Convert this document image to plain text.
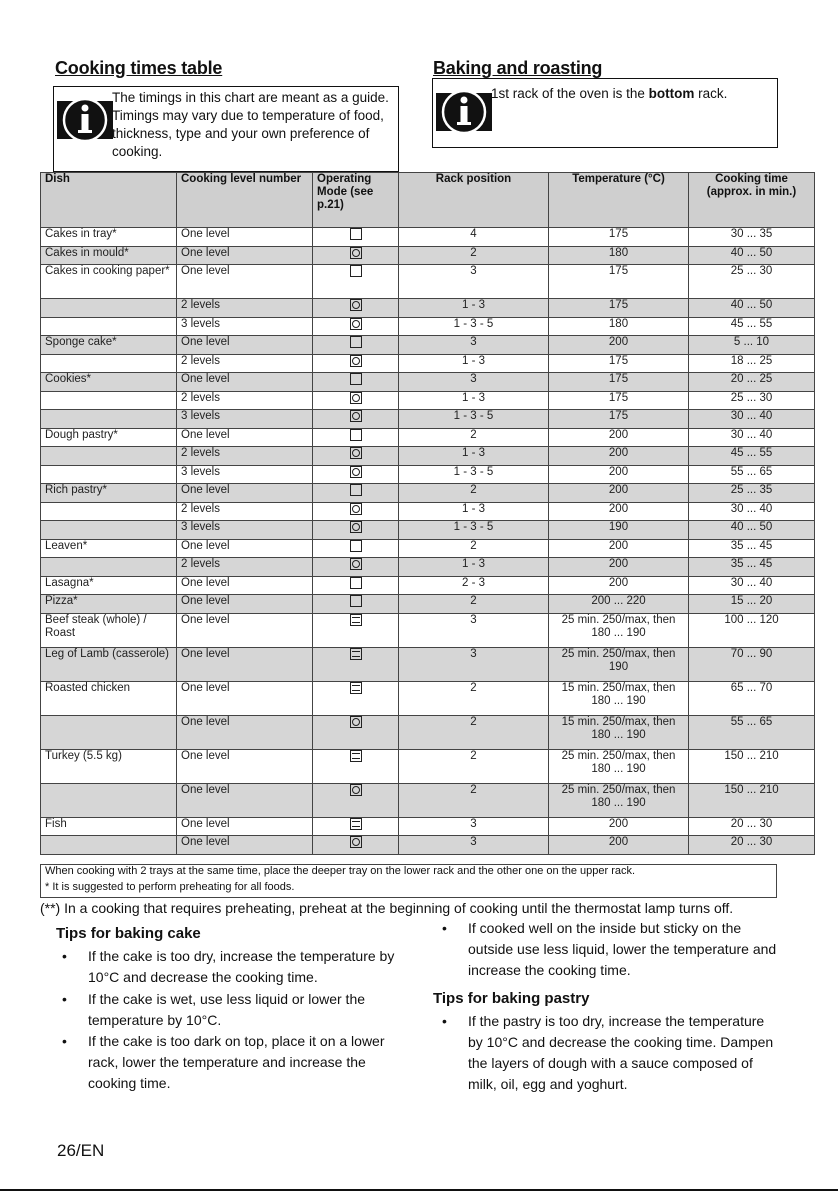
Cooking times table	Baking and roasting
The timings in this chart are meant as a guide. Timings may vary due to temperature of food, thickness, type and your own preference of cooking.
1st rack of the oven is the bottom rack.
Dish	Cooking level number	Operating Mode (see p.21)	Rack position	Temperature (°C)	Cooking time (approx. in min.)
Cakes in tray*	One level		4	175	30 ... 35
Cakes in mould*	One level		2	180	40 ... 50
Cakes in cooking paper*	One level		3	175	25 ... 30
	2 levels		1 - 3	175	40 ... 50
	3 levels		1 - 3 - 5	180	45 ... 55
Sponge cake*	One level		3	200	5 ... 10
	2 levels		1 - 3	175	18 ... 25
Cookies*	One level		3	175	20 ... 25
	2 levels		1 - 3	175	25 ... 30
	3 levels		1 - 3 - 5	175	30 ... 40
Dough pastry*	One level		2	200	30 ... 40
	2 levels		1 - 3	200	45 ... 55
	3 levels		1 - 3 - 5	200	55 ... 65
Rich pastry*	One level		2	200	25 ... 35
	2 levels		1 - 3	200	30 ... 40
	3 levels		1 - 3 - 5	190	40 ... 50
Leaven*	One level		2	200	35 ... 45
	2 levels		1 - 3	200	35 ... 45
Lasagna*	One level		2 - 3	200	30 ... 40
Pizza*	One level		2	200 ... 220	15 ... 20
Beef steak (whole) / Roast	One level		3	25 min. 250/max, then 180 ... 190	100 ... 120
Leg of Lamb (casserole)	One level		3	25 min. 250/max, then 190	70 ... 90
Roasted chicken	One level		2	15 min. 250/max, then 180 ... 190	65 ... 70
	One level		2	15 min. 250/max, then 180 ... 190	55 ... 65
Turkey (5.5 kg)	One level		2	25 min. 250/max, then 180 ... 190	150 ... 210
	One level		2	25 min. 250/max, then 180 ... 190	150 ... 210
Fish	One level		3	200	20 ... 30
	One level		3	200	20 ... 30
When cooking with 2 trays at the same time, place the deeper tray on the lower rack and the other one on the upper rack.
* It is suggested to perform preheating for all foods.
(**) In a cooking that requires preheating, preheat at the beginning of cooking until the thermostat lamp turns off.
Tips for baking cake
• If the cake is too dry, increase the temperature by 10°C and decrease the cooking time.
• If the cake is wet, use less liquid or lower the temperature by 10°C.
• If the cake is too dark on top, place it on a lower rack, lower the temperature and increase the cooking time.
• If cooked well on the inside but sticky on the outside use less liquid, lower the temperature and increase the cooking time.
Tips for baking pastry
• If the pastry is too dry, increase the temperature by 10°C and decrease the cooking time. Dampen the layers of dough with a sauce composed of milk, oil, egg and yoghurt.
26/EN
